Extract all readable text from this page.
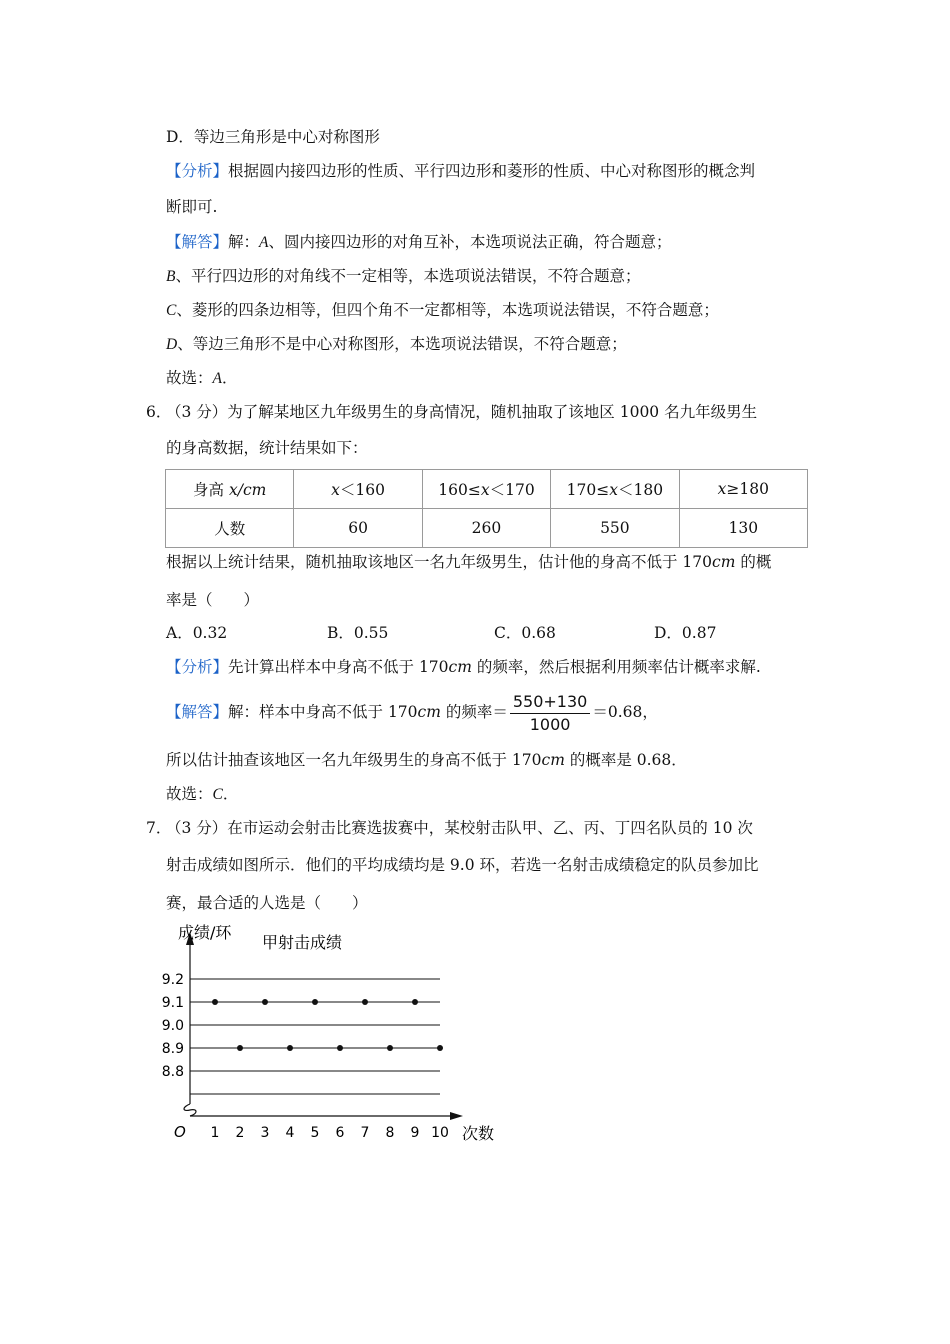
D．等边三角形是中心对称图形
【分析】根据圆内接四边形的性质、平行四边形和菱形的性质、中心对称图形的概念判
断即可.
【解答】解：A、圆内接四边形的对角互补，本选项说法正确，符合题意；
B、平行四边形的对角线不一定相等，本选项说法错误，不符合题意；
C、菱形的四条边相等，但四个角不一定都相等，本选项说法错误，不符合题意；
D、等边三角形不是中心对称图形，本选项说法错误，不符合题意；
故选：A．
6．
（3 分）为了解某地区九年级男生的身高情况，随机抽取了该地区 1000 名九年级男生
的身高数据，统计结果如下：
身高 x/cm	x＜160	160≤x＜170	170≤x＜180	x≥180
人数	60	260	550	130
根据以上统计结果，随机抽取该地区一名九年级男生，估计他的身高不低于 170cm 的概
率是（　　）
A．0.32	B．0.55	C．0.68	D．0.87
【分析】先计算出样本中身高不低于 170cm 的频率，然后根据利用频率估计概率求解.
【解答】解：样本中身高不低于 170cm 的频率＝ $\frac{550+130}{1000} =0.68$，
所以估计抽查该地区一名九年级男生的身高不低于 170cm 的概率是 0.68．
故选：C．
7．
（3 分）在市运动会射击比赛选拔赛中，某校射击队甲、乙、丙、丁四名队员的 10 次
射击成绩如图所示．他们的平均成绩均是 9.0 环，若选一名射击成绩稳定的队员参加比
赛，最合适的人选是（　　）
8.8
8.9
9.0
9.1
9.2
1 2 3 4 5 6 7 8 9 10
甲射击成绩
成绩/环
次数
O
